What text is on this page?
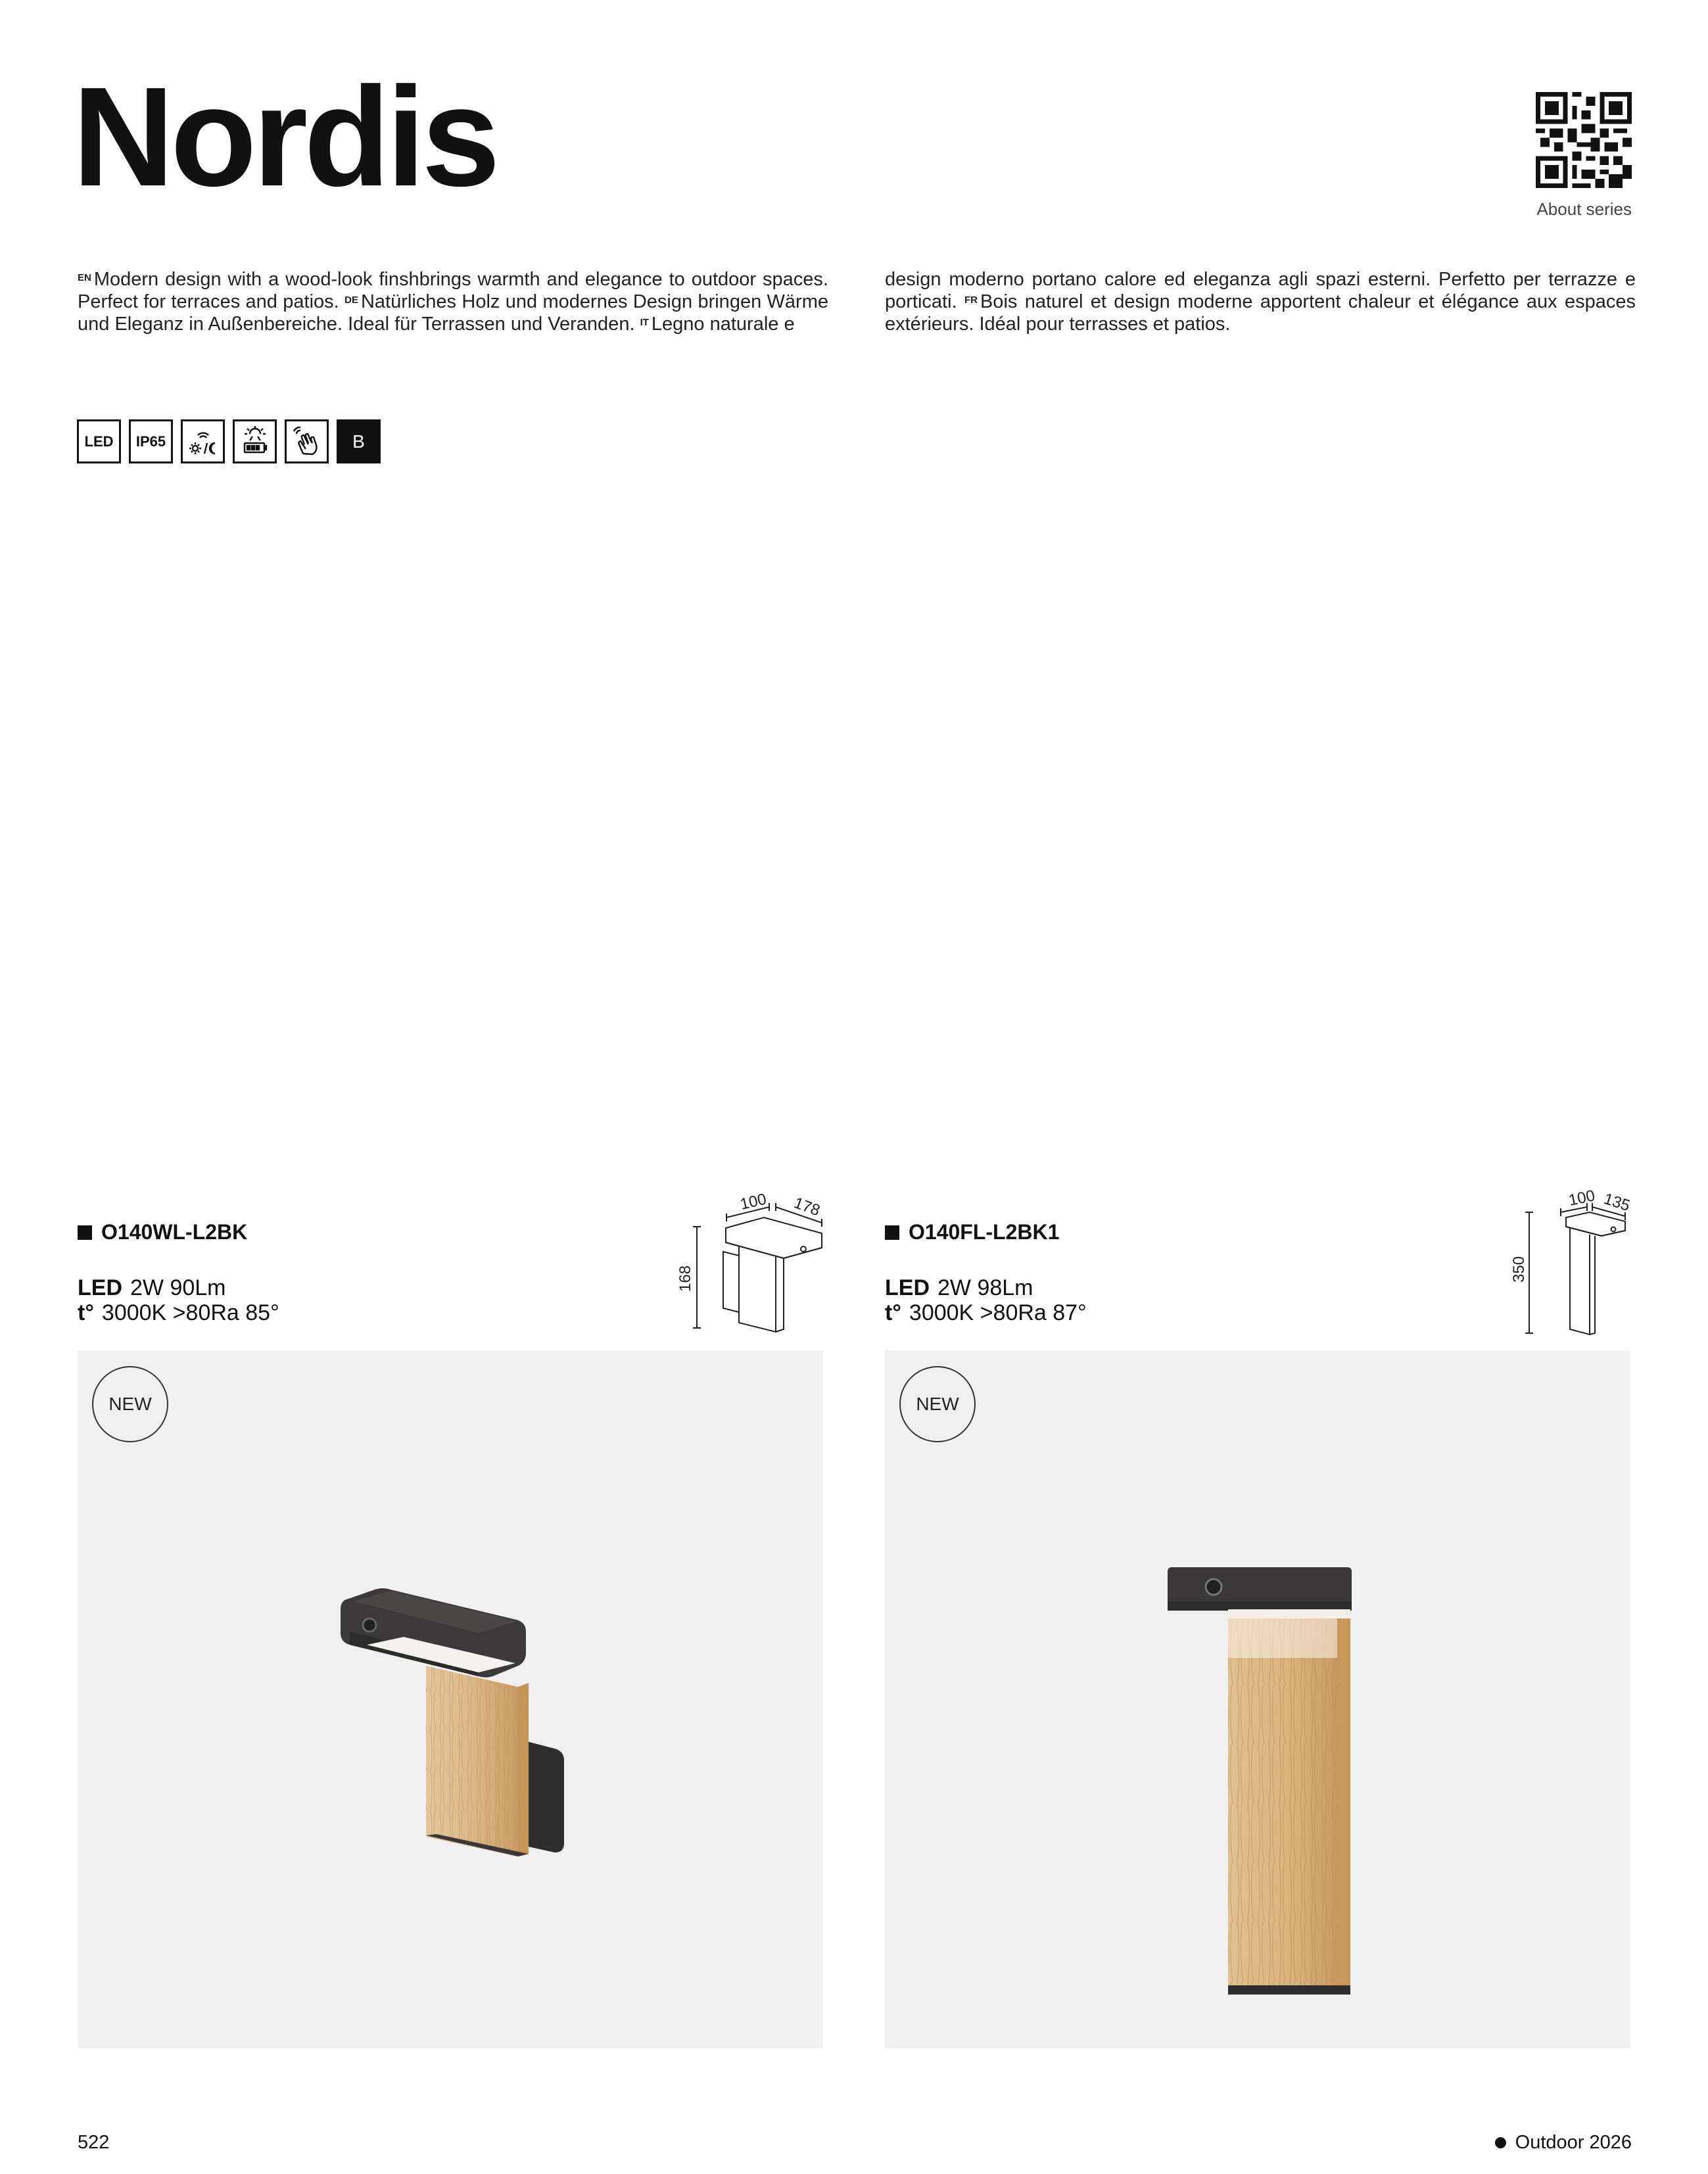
Nordis	About series

$^{EN}$ Modern design with a wood-look finshbrings warmth and elegance to outdoor spaces. Perfect for terraces and patios. $^{DE}$ Natürliches Holz und modernes Design bringen Wärme und Eleganz in Außenbereiche. Ideal für Terrassen und Veranden. $^{IT}$ Legno naturale e

design moderno portano calore ed eleganza agli spazi esterni. Perfetto per terrazze e porticati. $^{FR}$ Bois naturel et design moderne apportent chaleur et élégance aux espaces extérieurs. Idéal pour terrasses et patios.

LED	IP65	B
O140WL-L2BK
LED 2W 90Lm
t° 3000K >80Ra 85°
100 178
168
O140FL-L2BK1
LED 2W 98Lm
t° 3000K >80Ra 87°
100 135
350
NEW	NEW
522	Outdoor 2026
